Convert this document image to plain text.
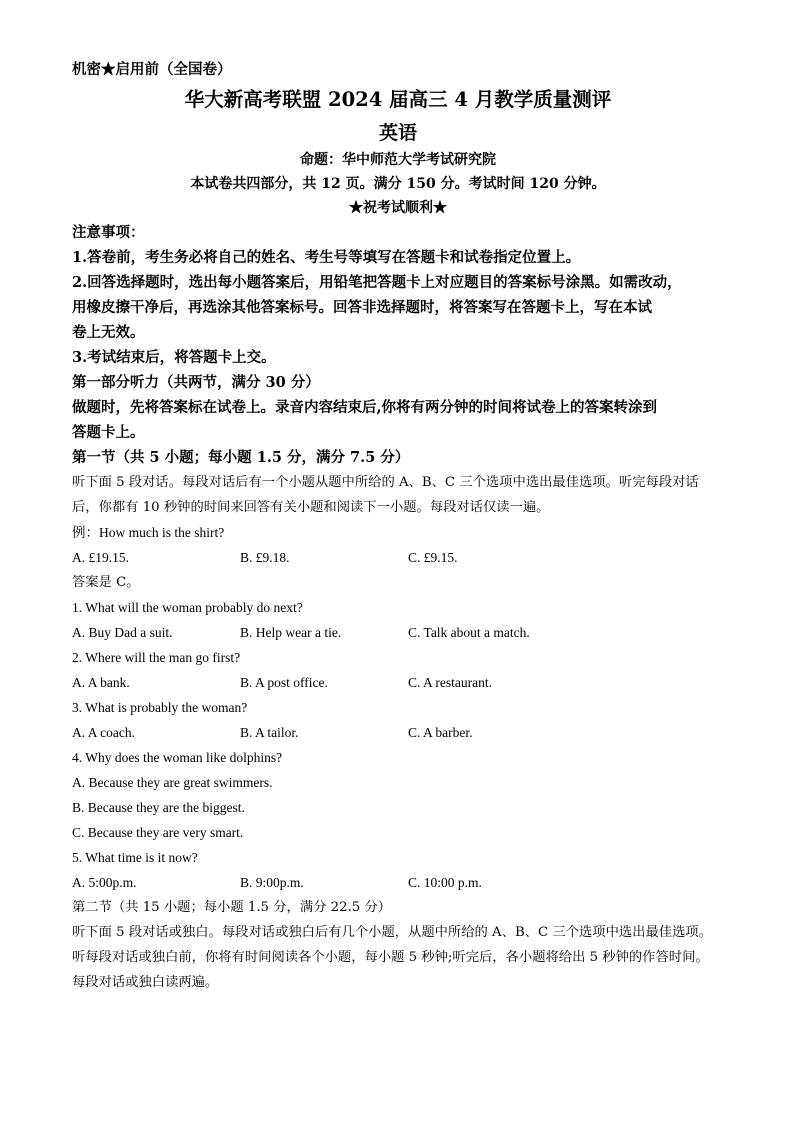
机密★启用前（全国卷）
华大新高考联盟 2024 届高三 4 月教学质量测评
英语
命题：华中师范大学考试研究院
本试卷共四部分，共 12 页。满分 150 分。考试时间 120 分钟。
★祝考试顺利★
注意事项：
1.答卷前，考生务必将自己的姓名、考生号等填写在答题卡和试卷指定位置上。
2.回答选择题时，选出每小题答案后，用铅笔把答题卡上对应题目的答案标号涂黑。如需改动，
用橡皮擦干净后，再选涂其他答案标号。回答非选择题时，将答案写在答题卡上，写在本试
卷上无效。
3.考试结束后，将答题卡上交。
第一部分听力（共两节，满分 30 分）
做题时，先将答案标在试卷上。录音内容结束后,你将有两分钟的时间将试卷上的答案转涂到
答题卡上。
第一节（共 5 小题；每小题 1.5 分，满分 7.5 分）
听下面 5 段对话。每段对话后有一个小题从题中所给的 A、B、C 三个选项中选出最佳选项。听完每段对话
后，你都有 10 秒钟的时间来回答有关小题和阅读下一小题。每段对话仅读一遍。
例：How much is the shirt?
A. £19.15.	B. £9.18.	C. £9.15.
答案是 C。
1. What will the woman probably do next?
A. Buy Dad a suit.	B. Help wear a tie.	C. Talk about a match.
2. Where will the man go first?
A. A bank.	B. A post office.	C. A restaurant.
3. What is probably the woman?
A. A coach.	B. A tailor.	C. A barber.
4. Why does the woman like dolphins?
A. Because they are great swimmers.
B. Because they are the biggest.
C. Because they are very smart.
5. What time is it now?
A. 5:00p.m.	B. 9:00p.m.	C. 10:00 p.m.
第二节（共 15 小题；每小题 1.5 分，满分 22.5 分）
听下面 5 段对话或独白。每段对话或独白后有几个小题，从题中所给的 A、B、C 三个选项中选出最佳选项。
听每段对话或独白前，你将有时间阅读各个小题，每小题 5 秒钟;听完后，各小题将给出 5 秒钟的作答时间。
每段对话或独白读两遍。
